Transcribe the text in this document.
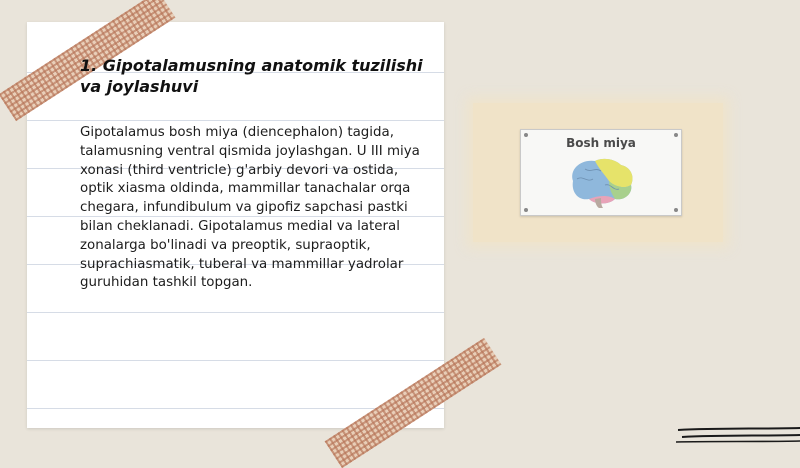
1. Gipotalamusning anatomik tuzilishi va joylashuvi

Gipotalamus bosh miya (diencephalon) tagida, talamusning ventral qismida joylashgan. U III miya xonasi (third ventricle) g'arbiy devori va ostida, optik xiasma oldinda, mammillar tanachalar orqa chegara, infundibulum va gipofiz sapchasi pastki bilan cheklanadi. Gipotalamus medial va lateral zonalarga bo'linadi va preoptik, supraoptik, suprachiasmatik, tuberal va mammillar yadrolar guruhidan tashkil topgan.

Bosh miya
